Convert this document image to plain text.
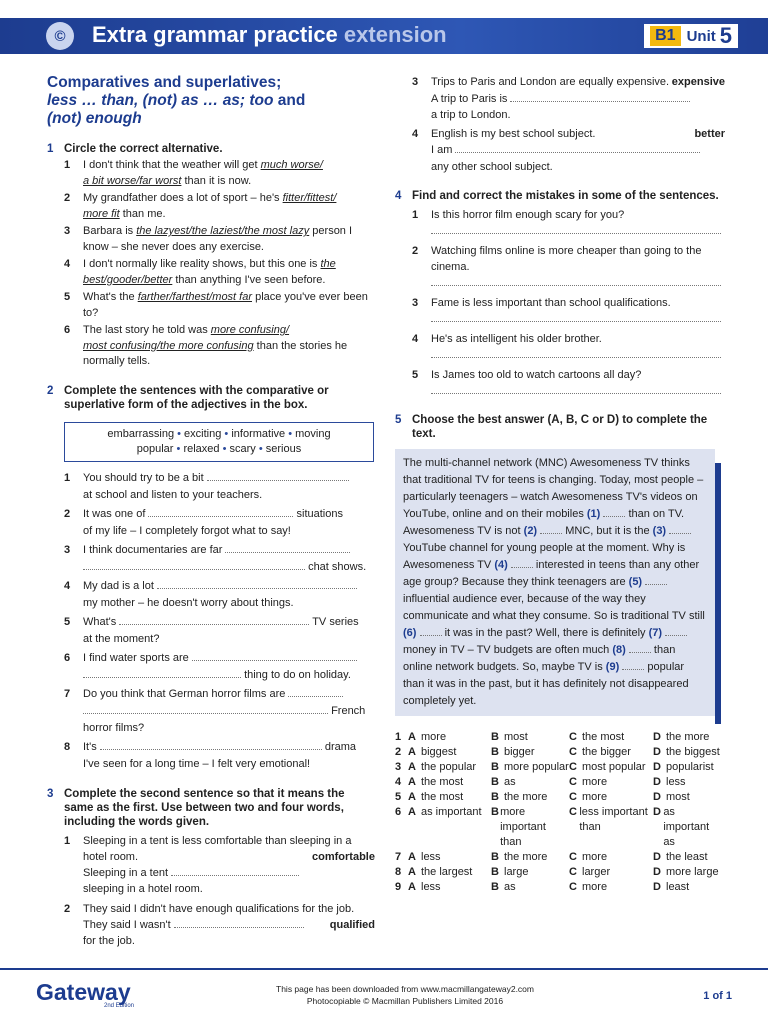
©	Extra grammar practice extension	B1 Unit 5
Comparatives and superlatives;
less … than, (not) as … as; too and
(not) enough
1 Circle the correct alternative.
1 I don't think that the weather will get much worse/
a bit worse/far worst than it is now.
2 My grandfather does a lot of sport – he's fitter/fittest/
more fit than me.
3 Barbara is the lazyest/the laziest/the most lazy person I know – she never does any exercise.
4 I don't normally like reality shows, but this one is the best/gooder/better than anything I've seen before.
5 What's the farther/farthest/most far place you've ever been to?
6 The last story he told was more confusing/
most confusing/the more confusing than the stories he normally tells.
2 Complete the sentences with the comparative or superlative form of the adjectives in the box.
embarrassing • exciting • informative • moving
popular • relaxed • scary • serious
1 You should try to be a bit
at school and listen to your teachers.
2 It was one of	situations
of my life – I completely forgot what to say!
3 I think documentaries are far
chat shows.
4 My dad is a lot
my mother – he doesn't worry about things.
5 What's	TV series
at the moment?
6 I find water sports are
thing to do on holiday.
7 Do you think that German horror films are
French
horror films?
8 It's	drama
I've seen for a long time – I felt very emotional!
3 Complete the second sentence so that it means the same as the first. Use between two and four words, including the words given.
1 Sleeping in a tent is less comfortable than sleeping in a hotel room.	comfortable

Sleeping in a tent
sleeping in a hotel room.
2 They said I didn't have enough qualifications for the job.
qualified

They said I wasn't
for the job.
3 Trips to Paris and London are equally expensive. expensive

A trip to Paris is
a trip to London.
4 English is my best school subject.	better

I am
any other school subject.
4 Find and correct the mistakes in some of the sentences.
1 Is this horror film enough scary for you?

2 Watching films online is more cheaper than going to the cinema.

3 Fame is less important than school qualifications.

4 He's as intelligent his older brother.

5 Is James too old to watch cartoons all day?

5 Choose the best answer (A, B, C or D) to complete the text.
The multi-channel network (MNC) Awesomeness TV thinks that traditional TV for teens is changing. Today, most people – particularly teenagers – watch Awesomeness TV's videos on YouTube, online and on their mobiles (1)  than on TV.
Awesomeness TV is not (2)  MNC, but it is the (3)  YouTube channel for young people at the moment. Why is Awesomeness TV (4)  interested in teens than any other age group? Because they think teenagers are (5)  influential audience ever, because of the way they communicate and what they consume. So is traditional TV still (6)  it was in the past? Well, there is definitely (7)  money in TV – TV budgets are often much (8)  than online network budgets. So, maybe TV is (9)  popular than it was in the past, but it has definitely not disappeared completely yet.
1 A more	B most	C the most	D the more
2 A biggest	B bigger	C the bigger D the biggest
3 A the popular B more popular C most popular D popularist
4 A the most	B as	C more	D less
5 A the most	B the more C more	D most
6 A as important B more important than
C less important than
D as important as
7 A less	B the more C more	D the least
8 A the largest B large	C larger	D more large
9 A less	B as	C more	D least
Gateway
2nd Edition
This page has been downloaded from www.macmillangateway2.com
Photocopiable © Macmillan Publishers Limited 2016	1 of 1
